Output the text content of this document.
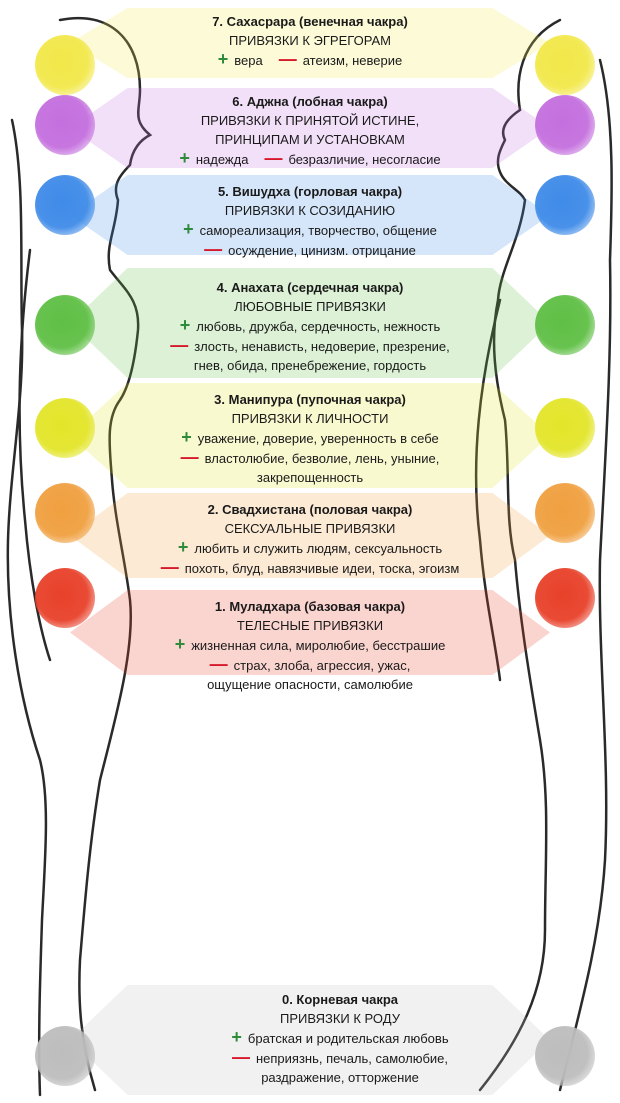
7. Сахасрара (венечная чакра)
ПРИВЯЗКИ К ЭГРЕГОРАМ
+ вера — атеизм, неверие
6. Аджна (лобная чакра)
ПРИВЯЗКИ К ПРИНЯТОЙ ИСТИНЕ,
ПРИНЦИПАМ И УСТАНОВКАМ
+ надежда — безразличие, несогласие
5. Вишудха (горловая чакра)
ПРИВЯЗКИ К СОЗИДАНИЮ
+ самореализация, творчество, общение
— осуждение, цинизм. отрицание
4. Анахата (сердечная чакра)
ЛЮБОВНЫЕ ПРИВЯЗКИ
+ любовь, дружба, сердечность, нежность
— злость, ненависть, недоверие, презрение,
гнев, обида, пренебрежение, гордость
3. Манипура (пупочная чакра)
ПРИВЯЗКИ К ЛИЧНОСТИ
+ уважение, доверие, уверенность в себе
— властолюбие, безволие, лень, уныние,
закрепощенность
2. Свадхистана (половая чакра)
СЕКСУАЛЬНЫЕ ПРИВЯЗКИ
+ любить и служить людям, сексуальность
— похоть, блуд, навязчивые идеи, тоска, эгоизм
1. Муладхара (базовая чакра)
ТЕЛЕСНЫЕ ПРИВЯЗКИ
+ жизненная сила, миролюбие, бесстрашие
— страх, злоба, агрессия, ужас,
ощущение опасности, самолюбие
0. Корневая чакра
ПРИВЯЗКИ К РОДУ
+ братская и родительская любовь
— неприязнь, печаль, самолюбие,
раздражение, отторжение
